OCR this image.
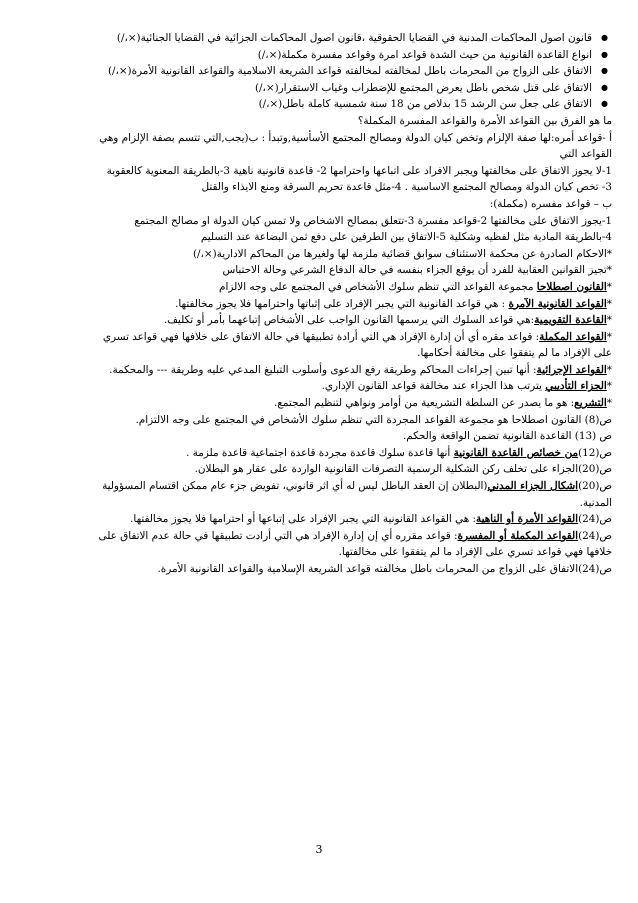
● قانون اصول المحاكمات المدنية في القضايا الحقوقية ،قانون اصول المحاكمات الجزائية في القضايا الجنائية(×،/)
● انواع القاعدة القانونية من حيث الشدة قواعد امرة وقواعد مفسرة مكملة(×،/)
● الاتفاق على الزواج من المحرمات باطل لمخالفته لمخالفته قواعد الشريعة الاسلامية والقواعد القانونية الأمرة(×،/)
● الاتفاق على قتل شخص باطل يعرض المجتمع للإضطراب وغياب الاستقرار(×،/)
● الاتفاق على جعل سن الرشد 15 بدلاص من 18 سنة شمسية كاملة باطل(×،/)
ما هو الفرق بين القواعد الأمرة والقواعد المفسرة المكملة؟
أ -قواعد أمره:لها صفة الإلزام وتخص كيان الدولة ومصالح المجتمع الأسأسية,وتبدأ : ب(يجب,التي تتسم بصفة الإلزام وهي
القواعد التي
1-لا يجوز الاتفاق على مخالفتها ويجبر الافراد على اتباعها واحترامها 2- قاعدة قانونية ناهية 3-بالطريقة المعنوية كالعقوبة
3- تخص كيان الدولة ومصالح المجتمع الاساسية . 4-مثل قاعدة تحريم السرقة ومنع الايذاء والقتل
ب – قواعد مفسره (مكملة):
1-يجوز الاتفاق على مخالفتها 2-قواعد مفسرة 3-تتعلق بمصالح الاشخاص ولا تمس كيان الدولة او مصالح المجتمع
4-بالطريقة المادية مثل لفظيه وشكلية 5-الاتفاق بين الطرفين على دفع ثمن البضاعة عند التسليم
*الاحكام الصادرة عن محكمة الاستئناف سوابق قضائية ملزمة لها ولغيرها من المحاكم الادارية(×،/)
*تجيز القوانين العقابية للفرد أن يوقع الجزاء بنفسه في حالة الدفاع الشرعي وحالة الاحتباس
*القانون اصطلاحا مجموعة القواعد التي تنظم سلوك الأشخاص في المجتمع على وجه الالزام
*القواعد القانونية الآمرة : هي قواعد القانونية التي يجبر الإفراد على إثباتها واحترامها فلا يجوز مخالفتها.
*القاعدة التقويمية:هي قواعد السلوك التي يرسمها القانون الواجب على الأشخاص إتباعهما بأمر أو تكليف.
*القواعد المكملة: قواعد مقره أي أن إدارة الإفراد هي التي أرادة تطبيقها في حالة الاتفاق على خلافها فهي قواعد تسري
على الإفراد ما لم يتفقوا على مخالفة أحكامها.
*القواعد الإجرائية: أنها تبين إجراءات المحاكم وطريقة رفع الدعوى وأسلوب التبليغ المدعي عليه وطريقة --- والمحكمة.
*الجزاء التأديبي يترتب هذا الجزاء عند مخالفة قواعد القانون الإداري.
*التشريع: هو ما يصدر عن السلطة التشريعية من أوامر ونواهي لتنظيم المجتمع.
ص(8) القانون اصطلاحا هو مجموعة القواعد المجردة التي تنظم سلوك الأشخاص في المجتمع على وجه الالتزام.
ص (13) القاعدة القانونية تضمن الواقعة والحكم.
ص(12)من خصائص القاعدة القانونية أنها قاعدة سلوك قاعدة مجردة قاعدة اجتماعية قاعدة ملزمة .
ص(20)الجزاء على تخلف ركن الشكلية الرسمية التصرفات القانونية الواردة على عقار هو البطلان.
ص(20)اشكال الجزاء المدني(البطلان إن العقد الباطل ليس له أي اثر قانوني، تفويض جزء عام ممكن اقتسام المسؤولية
المدنية.
ص(24)القواعد الأمرة أو الناهية: هي القواعد القانونية التي يجبر الإفراد على إتباعها أو احترامها فلا يجوز مخالفتها.
ص(24)القواعد المكملة أو المفسرة: قواعد مقرره أي إن إدارة الإفراد هي التي أرادت تطبيقها في حالة عدم الاتفاق على
خلافها فهي قواعد تسري على الإفراد ما لم يتفقوا على مخالفتها.
ص(24)الاتفاق على الزواج من المحرمات باطل مخالفته قواعد الشريعة الإسلامية والقواعد القانونية الأمرة.
3
